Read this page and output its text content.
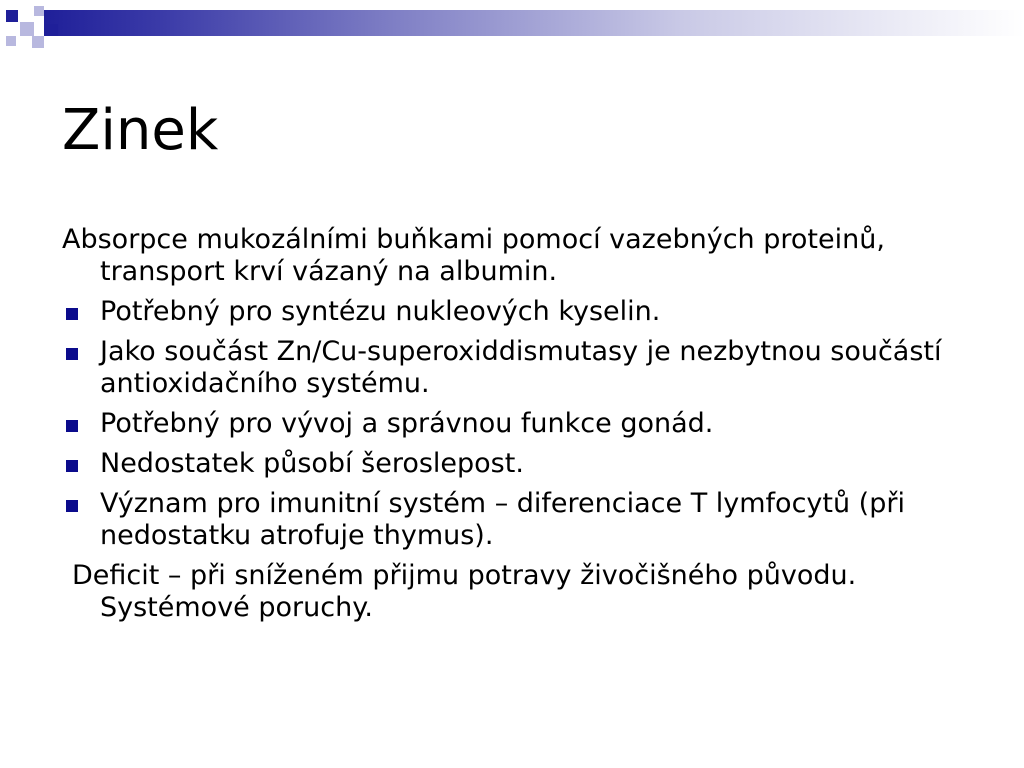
Zinek

Absorpce mukozálními buňkami pomocí vazebných proteinů, transport krví vázaný na albumin.

Potřebný pro syntézu nukleových kyselin.
Jako součást Zn/Cu-superoxiddismutasy je nezbytnou součástí antioxidačního systému.
Potřebný pro vývoj a správnou funkce gonád.
Nedostatek působí šeroslepost.
Význam pro imunitní systém – diferenciace T lymfocytů (při nedostatku atrofuje thymus).

Deficit – při sníženém přijmu potravy živočišného původu. Systémové poruchy.
